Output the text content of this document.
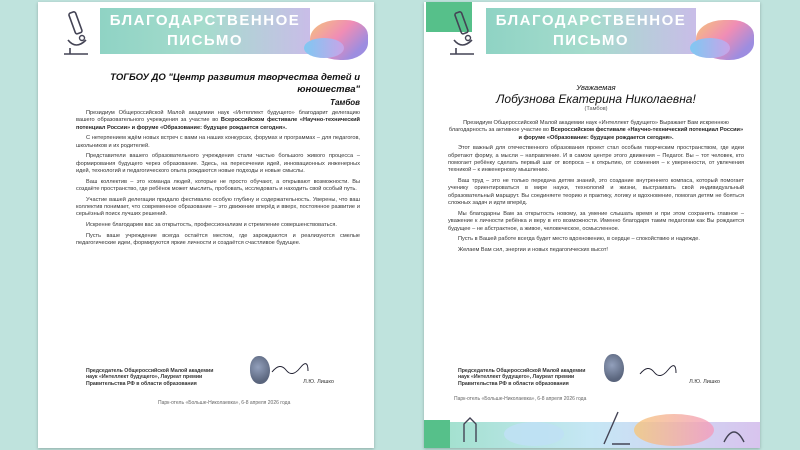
БЛАГОДАРСТВЕННОЕ
ПИСЬМО

ТОГБОУ ДО "Центр развития творчества детей и юношества"

Тамбов

Президиум Общероссийской Малой академии наук «Интеллект будущего» благодарит делегацию вашего образовательного учреждения за участие во Всероссийском фестивале «Научно-технический потенциал России» и форуме «Образование: будущее рождается сегодня».

С нетерпением ждём новых встреч с вами на наших конкурсах, форумах и программах – для педагогов, школьников и их родителей.

Представители вашего образовательного учреждения стали частью большого живого процесса – формирования будущего через образование. Здесь, на пересечении идей, инновационных инженерных идей, технологий и педагогического опыта рождаются новые подходы и новые смыслы.

Ваш коллектив – это команда людей, которые не просто обучают, а открывают возможности. Вы создаёте пространство, где ребёнок может мыслить, пробовать, исследовать и находить свой особый путь.

Участие вашей делегации придало фестивалю особую глубину и содержательность. Уверены, что ваш коллектив понимает, что современное образование – это движение вперёд и вверх, постоянное развитие и серьёзный поиск лучших решений.

Искренне благодарим вас за открытость, профессионализм и стремление совершенствоваться.

Пусть ваше учреждение всегда остаётся местом, где зарождаются и реализуются смелые педагогические идеи, формируются яркие личности и создаётся счастливое будущее.

Председатель Общероссийской Малой академии наук «Интеллект будущего», Лауреат премии Правительства РФ в области образования	Л.Ю. Лишко
Парк-отель «Больше-Николаевка», 6-8 апреля 2026 года
БЛАГОДАРСТВЕННОЕ
ПИСЬМО

Уважаемая

Лобузнова Екатерина Николаевна!

(Тамбов)

Президиум Общероссийской Малой академии наук «Интеллект будущего» Выражает Вам искреннюю благодарность за активное участие во Всероссийском фестивале «Научно-технический потенциал России» и форуме «Образование: будущее рождается сегодня».

Этот важный для отечественного образования проект стал особым творческим пространством, где идеи обретают форму, а мысли – направление. И в самом центре этого движения – Педагог. Вы – тот человек, кто помогает ребёнку сделать первый шаг от вопроса – к открытию, от сомнения – к уверенности, от увлечения техникой – к инженерному мышлению.

Ваш труд – это не только передача детям знаний, это создание внутреннего компаса, который помогает ученику ориентироваться в мире науки, технологий и жизни, выстраивать свой индивидуальный образовательный маршрут. Вы соединяете теорию и практику, логику и вдохновение, помогая детям не бояться сложных задач и идти вперёд.

Мы благодарны Вам за открытость новому, за умение слышать время и при этом сохранять главное – уважение к личности ребёнка и веру в его возможности. Именно благодаря таким педагогам как Вы рождается будущее – не абстрактное, а живое, человеческое, осмысленное.

Пусть в Вашей работе всегда будет место вдохновению, в сердце – спокойствию и надежде.

Желаем Вам сил, энергии и новых педагогических высот!

Председатель Общероссийской Малой академии наук «Интеллект будущего», Лауреат премии Правительства РФ в области образования	Л.Ю. Лишко
Парк-отель «Больше-Николаевка», 6-8 апреля 2026 года
